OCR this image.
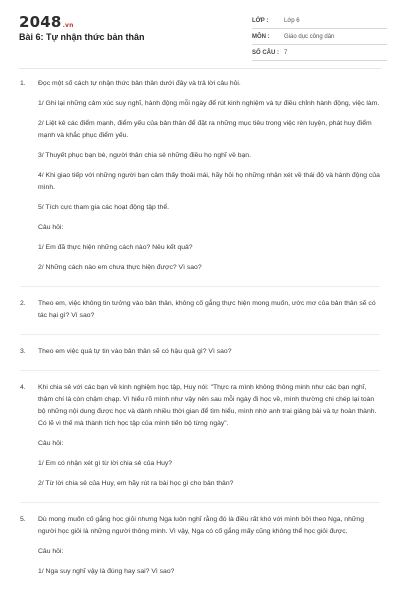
2048.vn
Bài 6: Tự nhận thức bản thân
LỚP :	Lớp 6
MÔN :	Giáo dục công dân
SỐ CÂU : 7
1. Đọc một số cách tự nhận thức bản thân dưới đây và trả lời câu hỏi.

1/ Ghi lại những cảm xúc suy nghĩ, hành động mỗi ngày để rút kinh nghiệm và tự điều chỉnh hành động, việc làm.

2/ Liệt kê các điểm mạnh, điểm yếu của bản thân để đặt ra những mục tiêu trong việc rèn luyện, phát huy điểm mạnh và khắc phục điểm yếu.

3/ Thuyết phục bạn bè, người thân chia sẻ những điều họ nghĩ về bạn.

4/ Khi giao tiếp với những người bạn cảm thấy thoải mái, hãy hỏi họ những nhận xét về thái độ và hành động của mình.

5/ Tích cực tham gia các hoạt động tập thể.

Câu hỏi:

1/ Em đã thực hiện những cách nào? Nêu kết quả?

2/ Những cách nào em chưa thực hiện được? Vì sao?

2. Theo em, việc không tin tưởng vào bản thân, không cố gắng thực hiện mong muốn, ước mơ của bản thân sẽ có tác hại gì? Vì sao?

3. Theo em việc quá tự tin vào bản thân sẽ có hậu quả gì? Vì sao?

4. Khi chia sẻ với các bạn về kinh nghiệm học tập, Huy nói: "Thực ra mình không thông minh như các bạn nghĩ, thậm chí là còn chậm chạp. Vì hiểu rõ mình như vậy nên sau mỗi ngày đi học về, mình thường chi chép lại toàn bộ những nội dung được học và dành nhiều thời gian để tìm hiểu, mình nhờ anh trai giảng bài và tự hoàn thành. Có lẽ vì thế mà thành tích học tập của mình tiến bộ từng ngày".

Câu hỏi:

1/ Em có nhận xét gì từ lời chia sẻ của Huy?

2/ Từ lời chia sẻ của Huy, em hãy rút ra bài học gì cho bản thân?

5. Dù mong muốn cố gắng học giỏi nhưng Nga luôn nghĩ rằng đó là điều rất khó với mình bởi theo Nga, những người học giỏi là những người thông minh. Vì vậy, Nga có cố gắng mấy cũng không thể học giỏi được.

Câu hỏi:

1/ Nga suy nghĩ vậy là đúng hay sai? Vì sao?
